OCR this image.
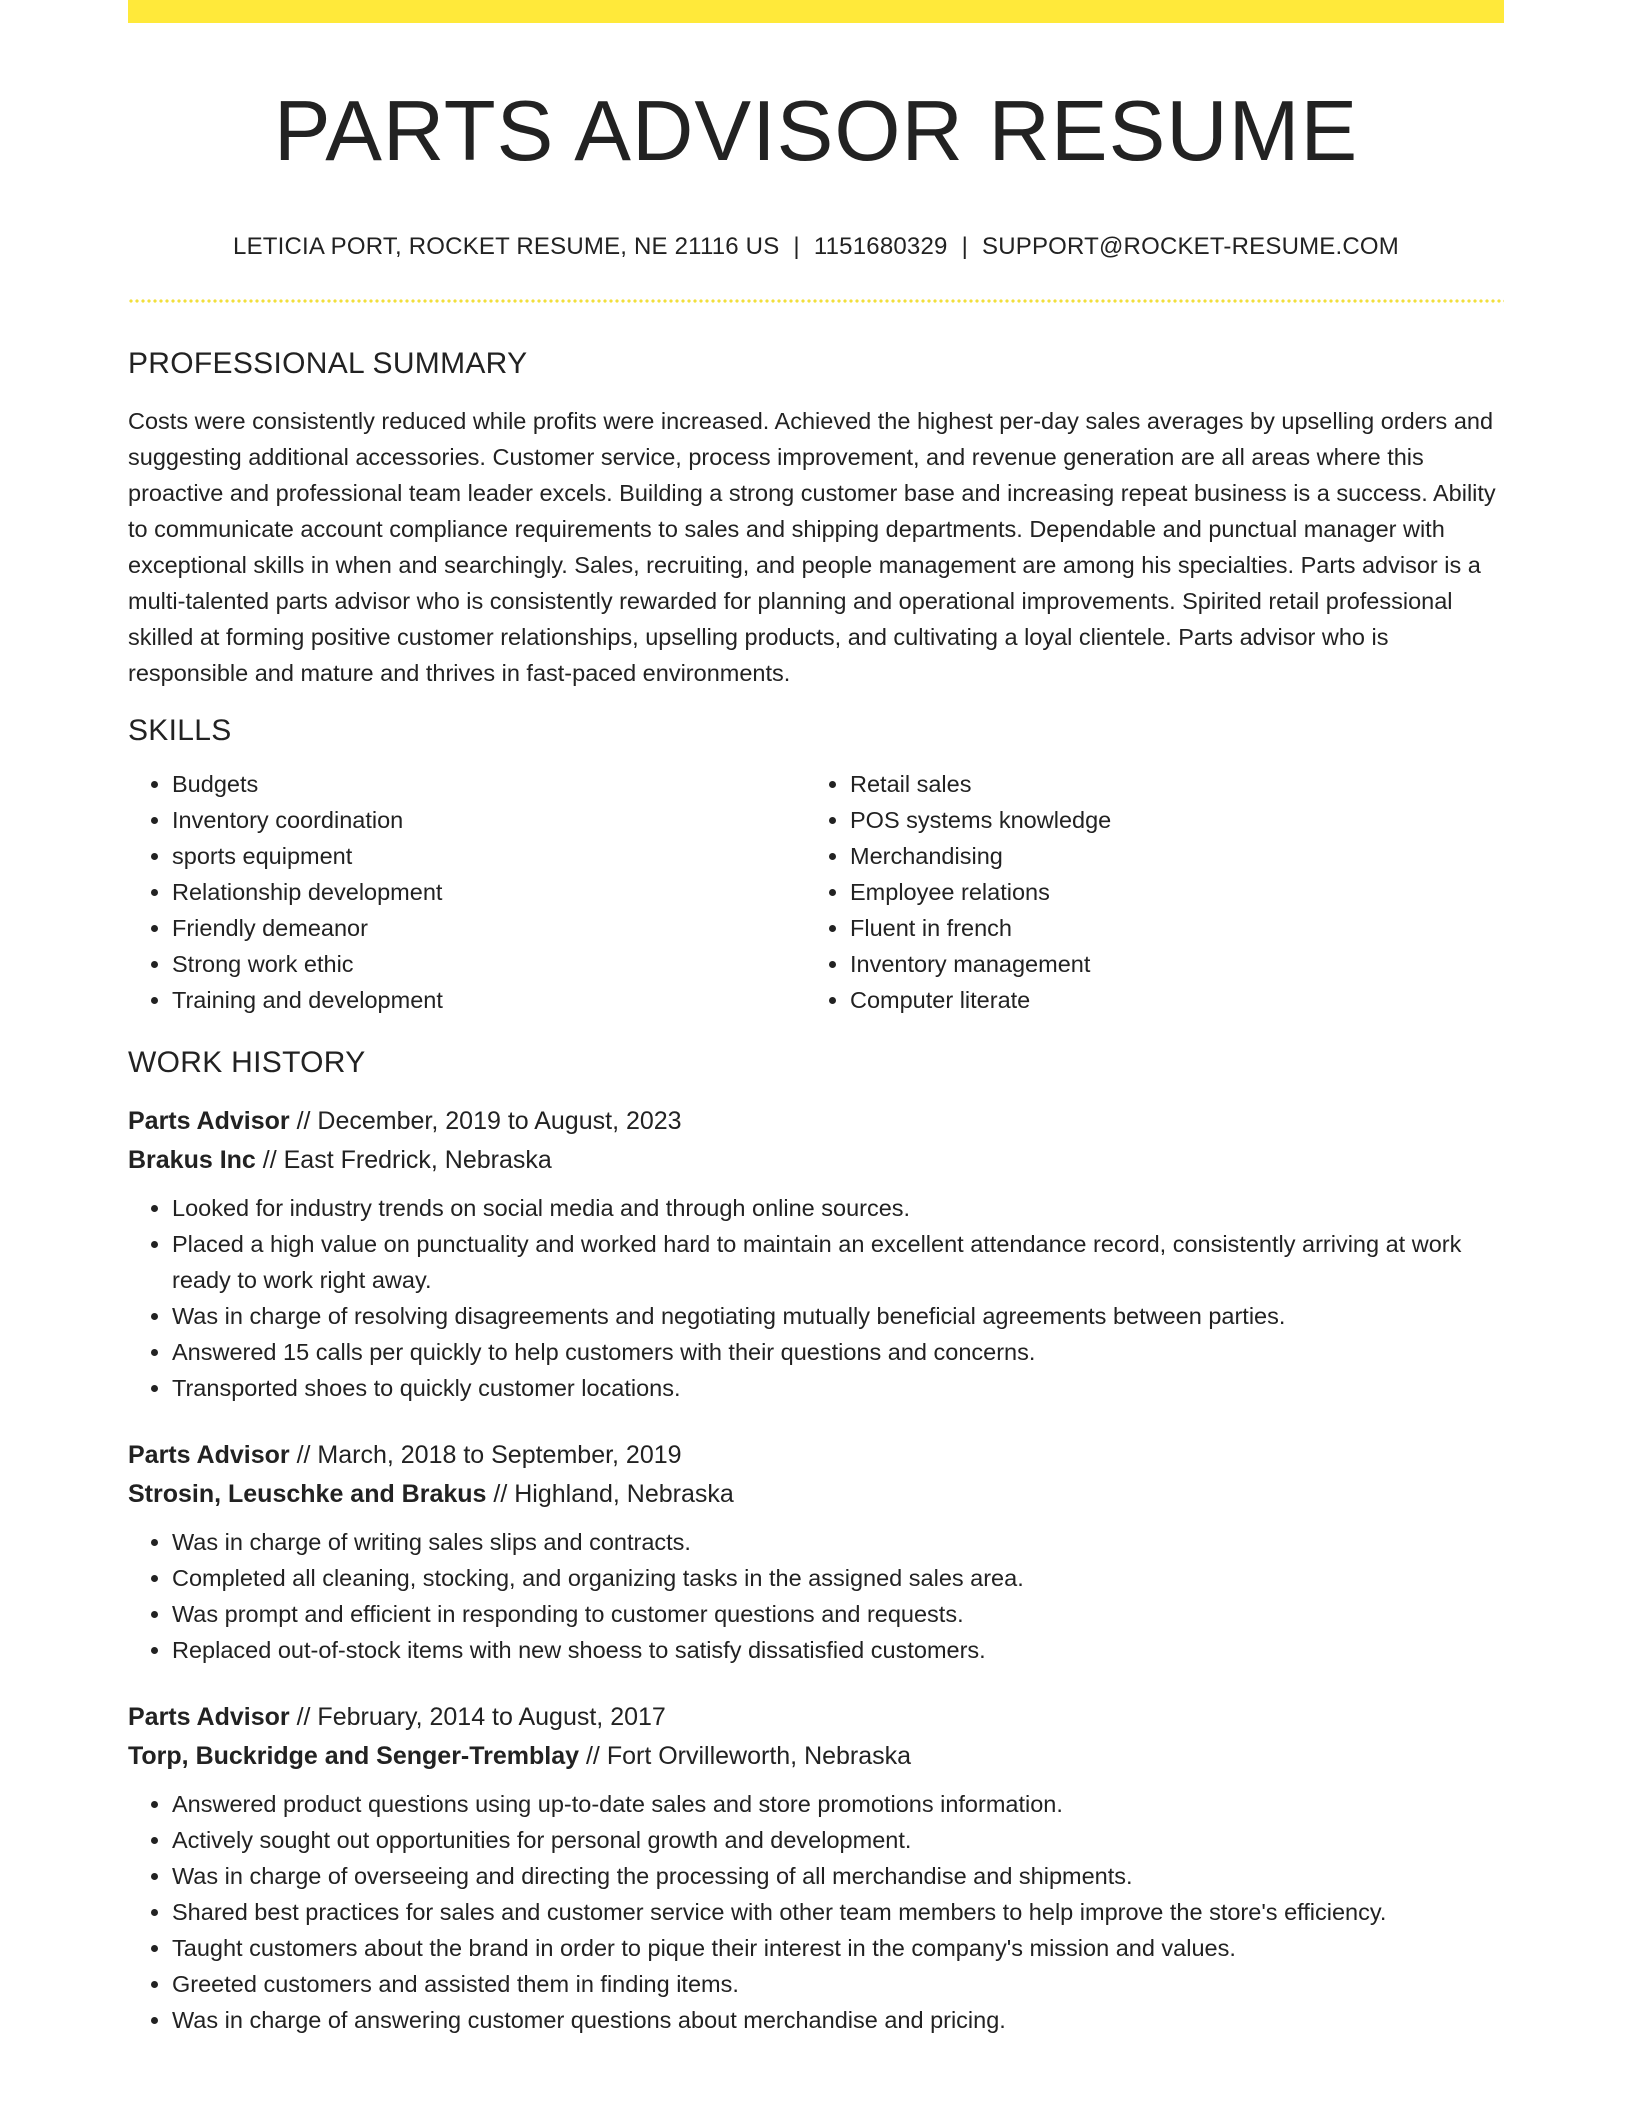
PARTS ADVISOR RESUME
LETICIA PORT, ROCKET RESUME, NE 21116 US | 1151680329 | SUPPORT@ROCKET-RESUME.COM
PROFESSIONAL SUMMARY

Costs were consistently reduced while profits were increased. Achieved the highest per-day sales averages by upselling orders and suggesting additional accessories. Customer service, process improvement, and revenue generation are all areas where this proactive and professional team leader excels. Building a strong customer base and increasing repeat business is a success. Ability to communicate account compliance requirements to sales and shipping departments. Dependable and punctual manager with exceptional skills in when and searchingly. Sales, recruiting, and people management are among his specialties. Parts advisor is a multi-talented parts advisor who is consistently rewarded for planning and operational improvements. Spirited retail professional skilled at forming positive customer relationships, upselling products, and cultivating a loyal clientele. Parts advisor who is responsible and mature and thrives in fast-paced environments.

SKILLS
• Budgets
• Inventory coordination
• sports equipment
• Relationship development
• Friendly demeanor
• Strong work ethic
• Training and development
• Retail sales
• POS systems knowledge
• Merchandising
• Employee relations
• Fluent in french
• Inventory management
• Computer literate
WORK HISTORY
Parts Advisor // December, 2019 to August, 2023
Brakus Inc // East Fredrick, Nebraska
• Looked for industry trends on social media and through online sources.
• Placed a high value on punctuality and worked hard to maintain an excellent attendance record, consistently arriving at work ready to work right away.
• Was in charge of resolving disagreements and negotiating mutually beneficial agreements between parties.
• Answered 15 calls per quickly to help customers with their questions and concerns.
• Transported shoes to quickly customer locations.
Parts Advisor // March, 2018 to September, 2019
Strosin, Leuschke and Brakus // Highland, Nebraska
• Was in charge of writing sales slips and contracts.
• Completed all cleaning, stocking, and organizing tasks in the assigned sales area.
• Was prompt and efficient in responding to customer questions and requests.
• Replaced out-of-stock items with new shoess to satisfy dissatisfied customers.
Parts Advisor // February, 2014 to August, 2017
Torp, Buckridge and Senger-Tremblay // Fort Orvilleworth, Nebraska
• Answered product questions using up-to-date sales and store promotions information.
• Actively sought out opportunities for personal growth and development.
• Was in charge of overseeing and directing the processing of all merchandise and shipments.
• Shared best practices for sales and customer service with other team members to help improve the store's efficiency.
• Taught customers about the brand in order to pique their interest in the company's mission and values.
• Greeted customers and assisted them in finding items.
• Was in charge of answering customer questions about merchandise and pricing.
